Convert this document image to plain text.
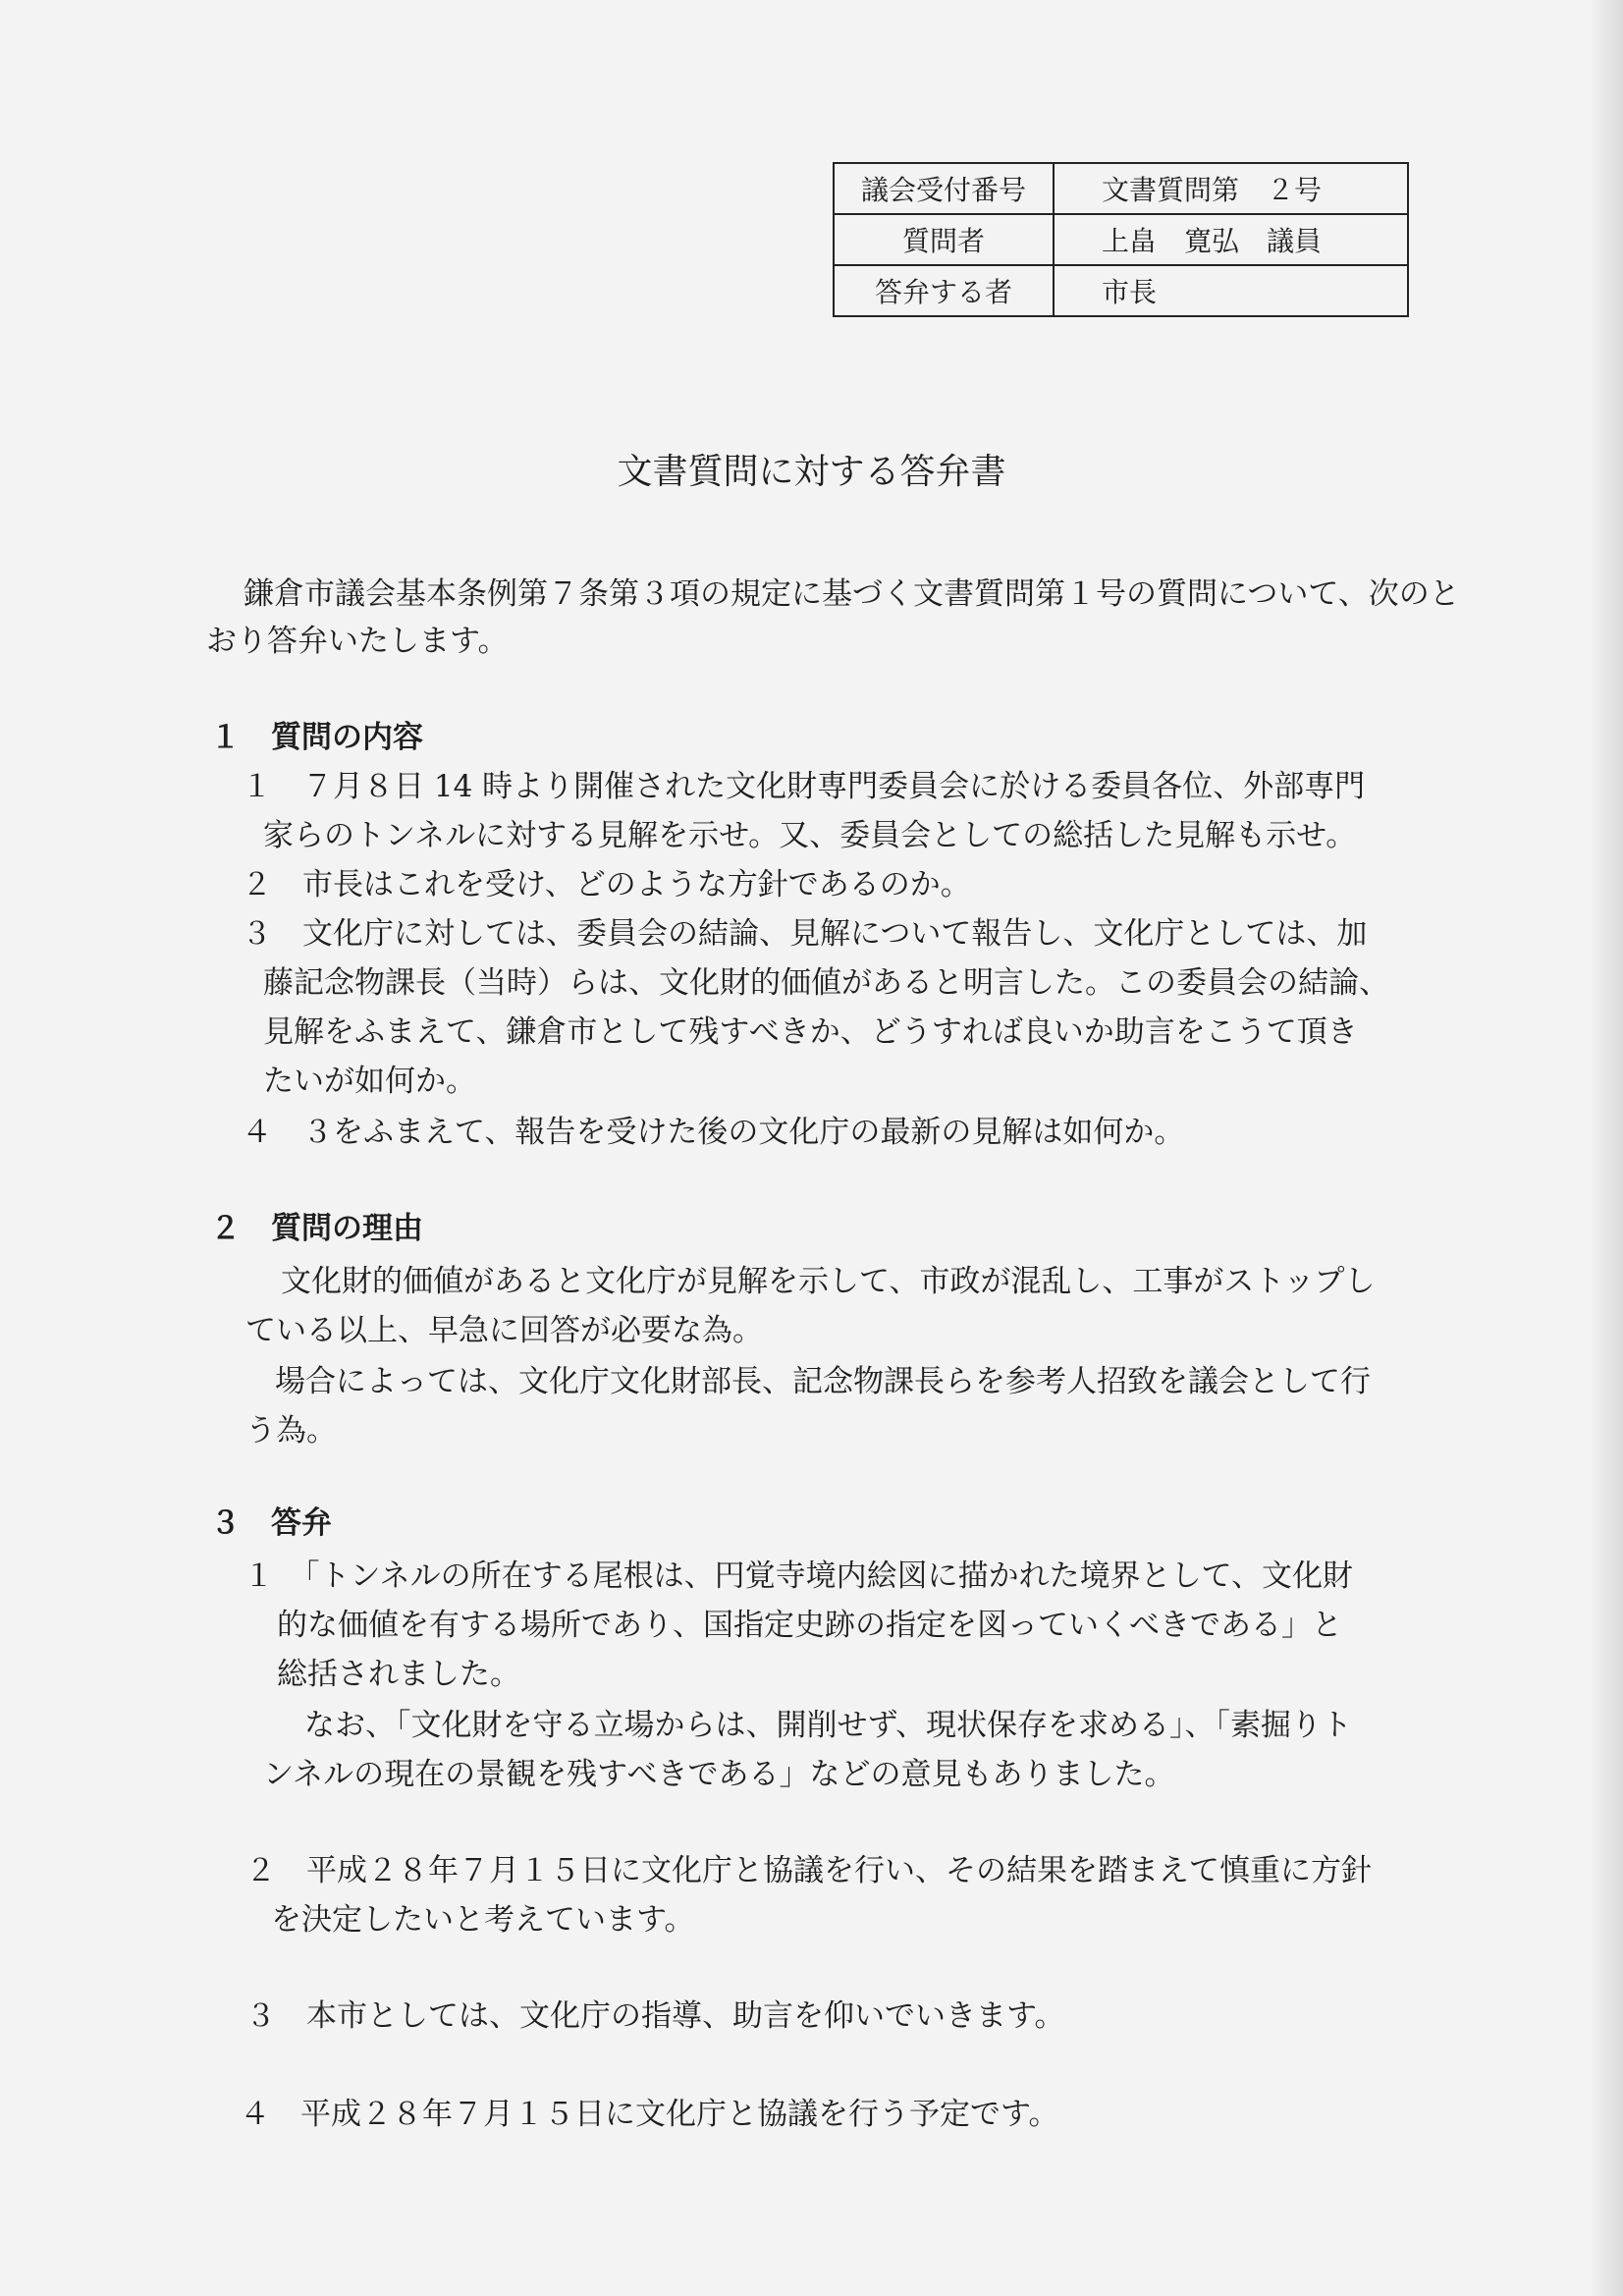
議会受付番号	文書質問第　２号
質問者	上畠　寛弘　議員
答弁する者	市長
文書質問に対する答弁書
鎌倉市議会基本条例第７条第３項の規定に基づく文書質問第１号の質問について、次のと
おり答弁いたします。
１　質問の内容
１　７月８日 14 時より開催された文化財専門委員会に於ける委員各位、外部専門
家らのトンネルに対する見解を示せ。又、委員会としての総括した見解も示せ。
２　市長はこれを受け、どのような方針であるのか。
３　文化庁に対しては、委員会の結論、見解について報告し、文化庁としては、加
藤記念物課長（当時）らは、文化財的価値があると明言した。この委員会の結論、
見解をふまえて、鎌倉市として残すべきか、どうすれば良いか助言をこうて頂き
たいが如何か。
４　３をふまえて、報告を受けた後の文化庁の最新の見解は如何か。
２　質問の理由
文化財的価値があると文化庁が見解を示して、市政が混乱し、工事がストップし
ている以上、早急に回答が必要な為。
場合によっては、文化庁文化財部長、記念物課長らを参考人招致を議会として行
う為。
３　答弁
１　「トンネルの所在する尾根は、円覚寺境内絵図に描かれた境界として、文化財
的な価値を有する場所であり、国指定史跡の指定を図っていくべきである」と
総括されました。
なお、「文化財を守る立場からは、開削せず、現状保存を求める」、「素掘りト
ンネルの現在の景観を残すべきである」などの意見もありました。
２　平成２８年７月１５日に文化庁と協議を行い、その結果を踏まえて慎重に方針
を決定したいと考えています。
３　本市としては、文化庁の指導、助言を仰いでいきます。
４　平成２８年７月１５日に文化庁と協議を行う予定です。
